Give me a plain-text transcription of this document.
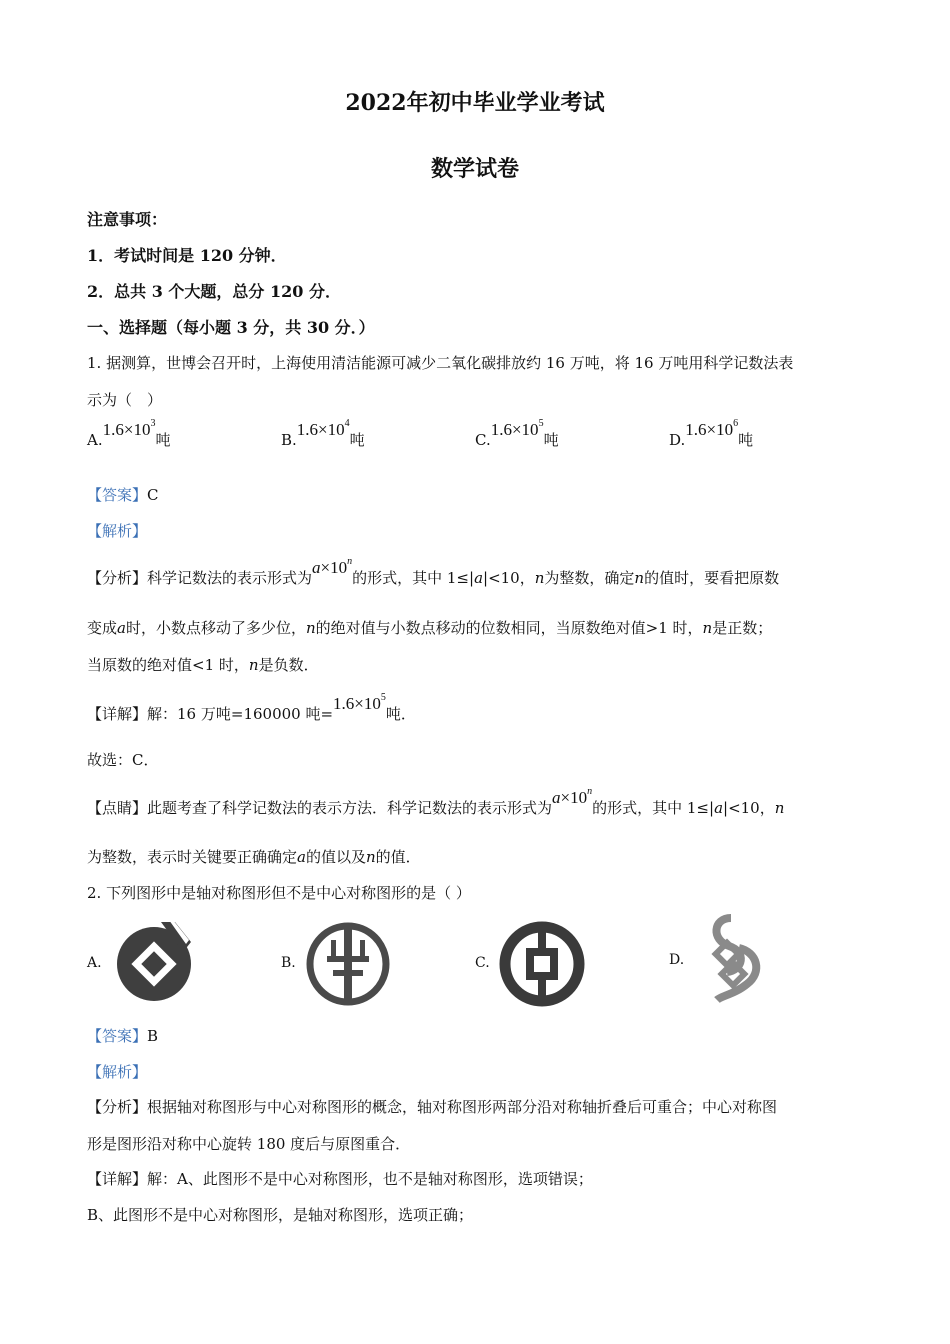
2022年初中毕业学业考试
数学试卷
注意事项：
1．考试时间是 120 分钟．
2．总共 3 个大题，总分 120 分．
一、选择题（每小题 3 分，共 30 分．）
1. 据测算，世博会召开时，上海使用清洁能源可减少二氧化碳排放约 16 万吨，将 16 万吨用科学记数法表
示为（　）
$A.1.6\times 10^3$吨	$B.1.6\times 10^4$吨	$C.1.6\times 10^5$吨	$D.1.6\times 10^6$吨
【答案】C
【解析】
【分析】科学记数法的表示形式为$a\times 10^n$的形式，其中 1≤|a|<10，n为整数，确定n的值时，要看把原数
变成a时，小数点移动了多少位，n的绝对值与小数点移动的位数相同，当原数绝对值>1 时，n是正数；
当原数的绝对值<1 时，n是负数．
【详解】解：16 万吨=160000 吨$=1.6\times 10^5$吨．
故选：C．
【点睛】此题考查了科学记数法的表示方法．科学记数法的表示形式为$a\times 10^n$的形式，其中 1≤|a|<10，n
为整数，表示时关键要正确确定a的值以及n的值．
2. 下列图形中是轴对称图形但不是中心对称图形的是（ ）
A.	B.	C.	D.
【答案】B
【解析】
【分析】根据轴对称图形与中心对称图形的概念，轴对称图形两部分沿对称轴折叠后可重合；中心对称图
形是图形沿对称中心旋转 180 度后与原图重合．
【详解】解：A、此图形不是中心对称图形，也不是轴对称图形，选项错误；
B、此图形不是中心对称图形，是轴对称图形，选项正确；
